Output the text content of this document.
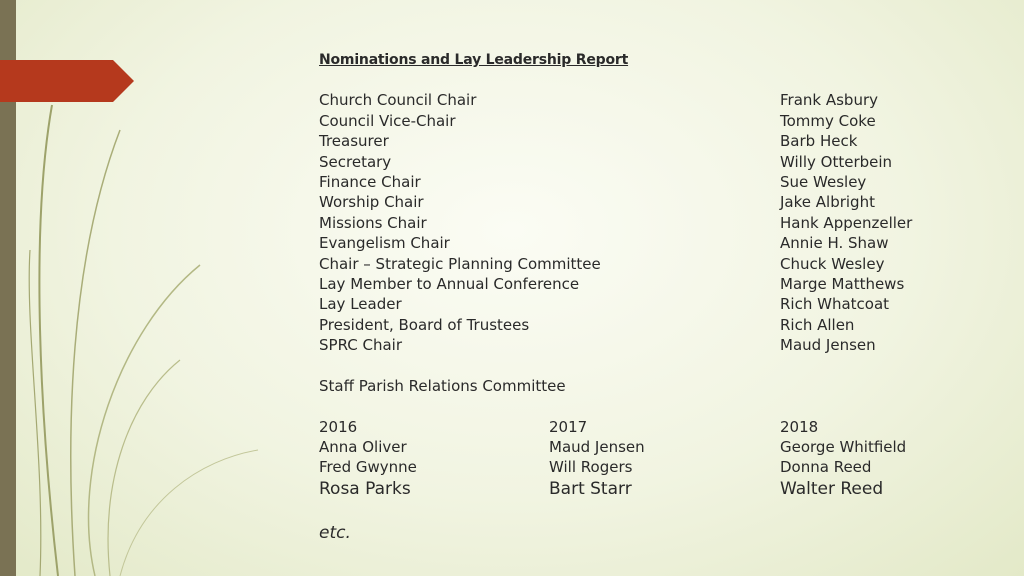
Nominations and Lay Leadership Report
Church Council Chair	Frank Asbury
Council Vice-Chair	Tommy Coke
Treasurer	Barb Heck
Secretary	Willy Otterbein
Finance Chair	Sue Wesley
Worship Chair	Jake Albright
Missions Chair	Hank Appenzeller
Evangelism Chair	Annie H. Shaw
Chair – Strategic Planning Committee	Chuck Wesley
Lay Member to Annual Conference	Marge Matthews
Lay Leader	Rich Whatcoat
President, Board of Trustees	Rich Allen
SPRC Chair	Maud Jensen
Staff Parish Relations Committee
2016	2017	2018
Anna Oliver	Maud Jensen	George Whitfield
Fred Gwynne	Will Rogers	Donna Reed
Rosa Parks	Bart Starr	Walter Reed
etc.
